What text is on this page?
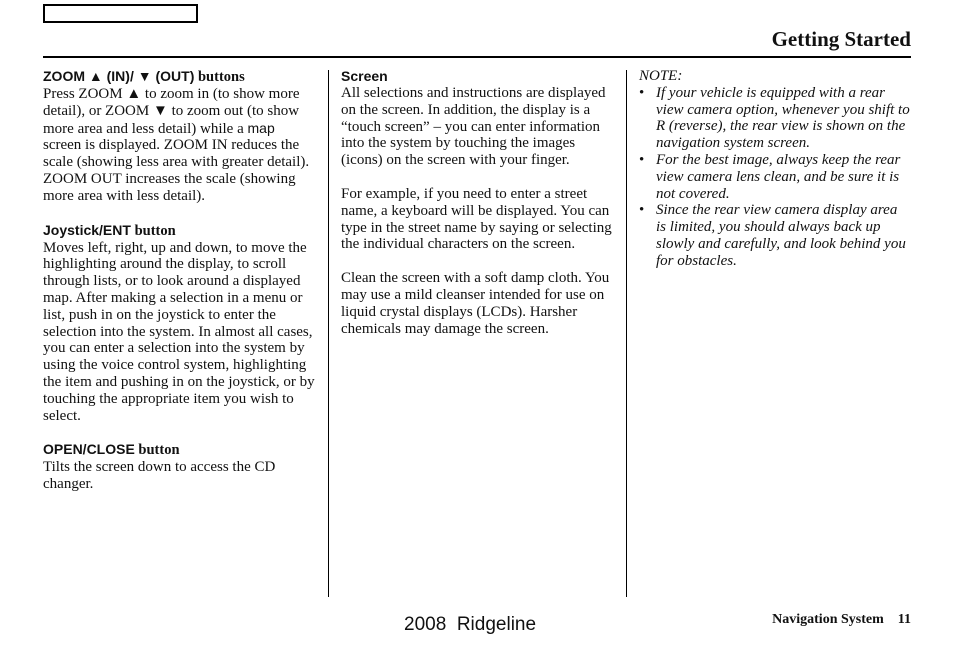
Getting Started

ZOOM ▲ (IN)/ ▼ (OUT) buttons

Press ZOOM ▲ to zoom in (to show more detail), or ZOOM ▼ to zoom out (to show more area and less detail) while a map screen is displayed. ZOOM IN reduces the scale (showing less area with greater detail). ZOOM OUT increases the scale (showing more area with less detail).

Joystick/ENT button

Moves left, right, up and down, to move the highlighting around the display, to scroll through lists, or to look around a displayed map. After making a selection in a menu or list, push in on the joystick to enter the selection into the system. In almost all cases, you can enter a selection into the system by using the voice control system, highlighting the item and pushing in on the joystick, or by touching the appropriate item you wish to select.

OPEN/CLOSE button

Tilts the screen down to access the CD changer.

Screen

All selections and instructions are displayed on the screen. In addition, the display is a “touch screen” – you can enter information into the system by touching the images (icons) on the screen with your finger.

For example, if you need to enter a street name, a keyboard will be displayed. You can type in the street name by saying or selecting the individual characters on the screen.

Clean the screen with a soft damp cloth. You may use a mild cleanser intended for use on liquid crystal displays (LCDs). Harsher chemicals may damage the screen.

NOTE:

• If your vehicle is equipped with a rear view camera option, whenever you shift to R (reverse), the rear view is shown on the navigation system screen.
• For the best image, always keep the rear view camera lens clean, and be sure it is not covered.
• Since the rear view camera display area is limited, you should always back up slowly and carefully, and look behind you for obstacles.
2008  Ridgeline	Navigation System 11
